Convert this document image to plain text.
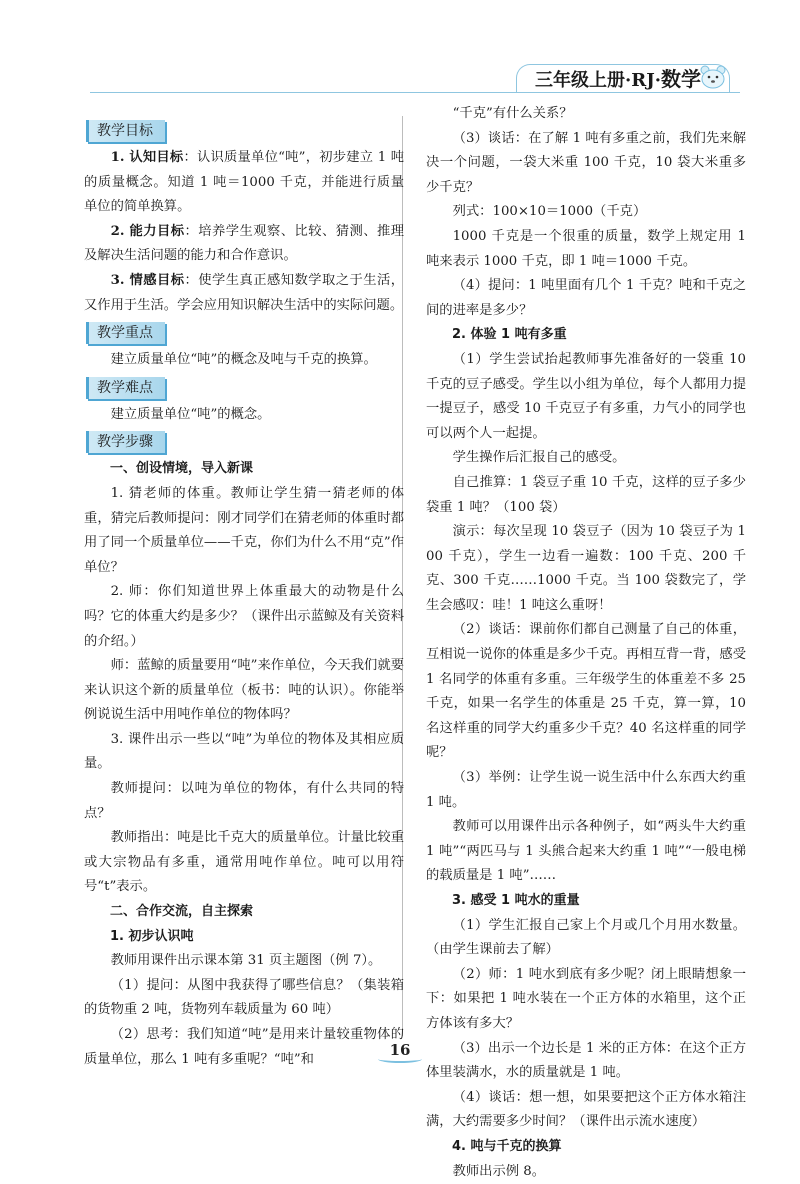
三年级上册·RJ·数学
教学目标
1. 认知目标：认识质量单位“吨”，初步建立 1 吨的质量概念。知道 1 吨＝1000 千克，并能进行质量单位的简单换算。
2. 能力目标：培养学生观察、比较、猜测、推理及解决生活问题的能力和合作意识。
3. 情感目标：使学生真正感知数学取之于生活，又作用于生活。学会应用知识解决生活中的实际问题。
教学重点
建立质量单位“吨”的概念及吨与千克的换算。
教学难点
建立质量单位“吨”的概念。
教学步骤
一、创设情境，导入新课
1. 猜老师的体重。教师让学生猜一猜老师的体重，猜完后教师提问：刚才同学们在猜老师的体重时都用了同一个质量单位——千克，你们为什么不用“克”作单位？
2. 师：你们知道世界上体重最大的动物是什么吗？它的体重大约是多少？（课件出示蓝鲸及有关资料的介绍。）
师：蓝鲸的质量要用“吨”来作单位，今天我们就要来认识这个新的质量单位（板书：吨的认识）。你能举例说说生活中用吨作单位的物体吗？
3. 课件出示一些以“吨”为单位的物体及其相应质量。
教师提问：以吨为单位的物体，有什么共同的特点？
教师指出：吨是比千克大的质量单位。计量比较重或大宗物品有多重，通常用吨作单位。吨可以用符号“t”表示。
二、合作交流，自主探索
1. 初步认识吨
教师用课件出示课本第 31 页主题图（例 7）。
（1）提问：从图中我获得了哪些信息？（集装箱的货物重 2 吨，货物列车载质量为 60 吨）
（2）思考：我们知道“吨”是用来计量较重物体的质量单位，那么 1 吨有多重呢？“吨”和
“千克”有什么关系？
（3）谈话：在了解 1 吨有多重之前，我们先来解决一个问题，一袋大米重 100 千克，10 袋大米重多少千克？
列式：100×10＝1000（千克）
1000 千克是一个很重的质量，数学上规定用 1 吨来表示 1000 千克，即 1 吨＝1000 千克。
（4）提问：1 吨里面有几个 1 千克？吨和千克之间的进率是多少？
2. 体验 1 吨有多重
（1）学生尝试抬起教师事先准备好的一袋重 10 千克的豆子感受。学生以小组为单位，每个人都用力提一提豆子，感受 10 千克豆子有多重，力气小的同学也可以两个人一起提。
学生操作后汇报自己的感受。
自己推算：1 袋豆子重 10 千克，这样的豆子多少袋重 1 吨？（100 袋）
演示：每次呈现 10 袋豆子（因为 10 袋豆子为 100 千克），学生一边看一遍数：100 千克、200 千克、300 千克……1000 千克。当 100 袋数完了，学生会感叹：哇！1 吨这么重呀！
（2）谈话：课前你们都自己测量了自己的体重，互相说一说你的体重是多少千克。再相互背一背，感受 1 名同学的体重有多重。三年级学生的体重差不多 25 千克，如果一名学生的体重是 25 千克，算一算，10 名这样重的同学大约重多少千克？40 名这样重的同学呢？
（3）举例：让学生说一说生活中什么东西大约重 1 吨。
教师可以用课件出示各种例子，如“两头牛大约重 1 吨”“两匹马与 1 头熊合起来大约重 1 吨”“一般电梯的载质量是 1 吨”……
3. 感受 1 吨水的重量
（1）学生汇报自己家上个月或几个月用水数量。（由学生课前去了解）
（2）师：1 吨水到底有多少呢？闭上眼睛想象一下：如果把 1 吨水装在一个正方体的水箱里，这个正方体该有多大？
（3）出示一个边长是 1 米的正方体：在这个正方体里装满水，水的质量就是 1 吨。
（4）谈话：想一想，如果要把这个正方体水箱注满，大约需要多少时间？（课件出示流水速度）
4. 吨与千克的换算
教师出示例 8。
16
